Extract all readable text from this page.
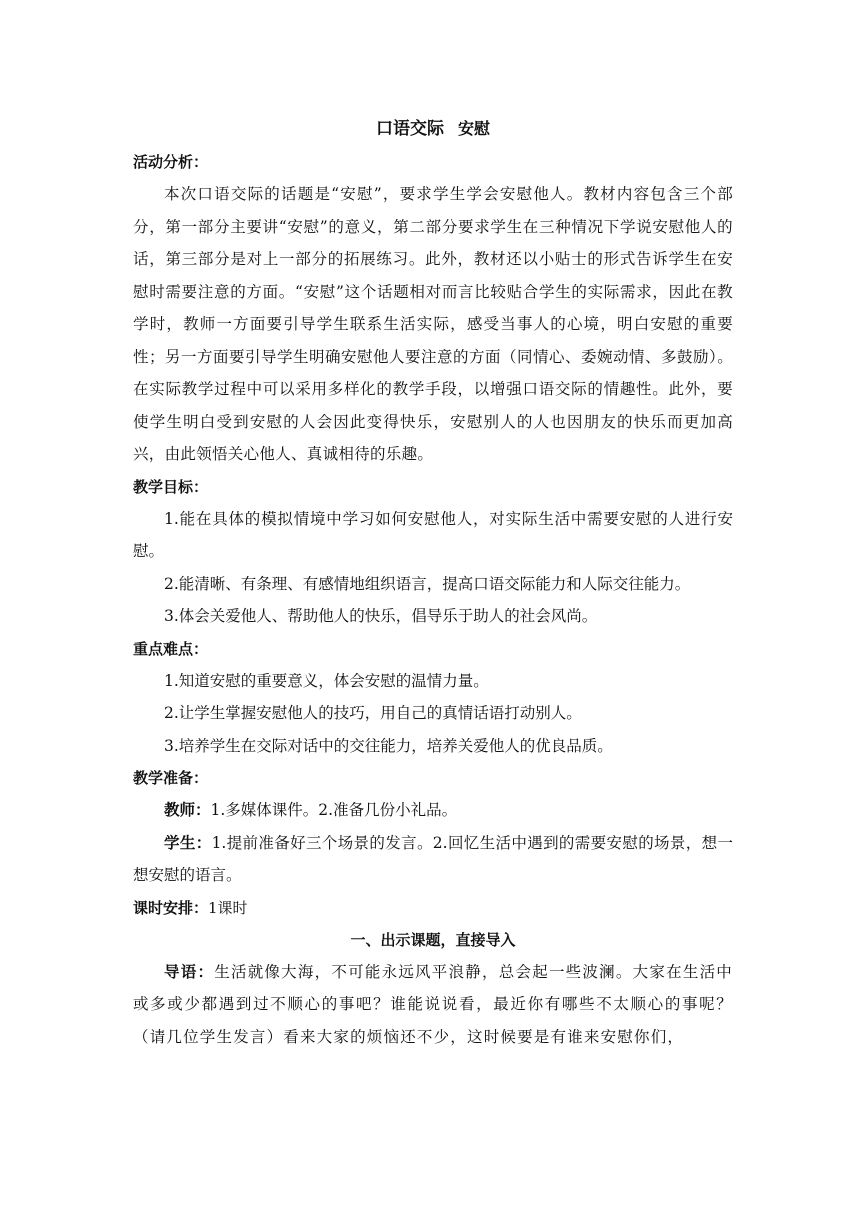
口语交际 安慰

活动分析：

本次口语交际的话题是“安慰”，要求学生学会安慰他人。教材内容包含三个部分，第一部分主要讲“安慰”的意义，第二部分要求学生在三种情况下学说安慰他人的话，第三部分是对上一部分的拓展练习。此外，教材还以小贴士的形式告诉学生在安慰时需要注意的方面。“安慰”这个话题相对而言比较贴合学生的实际需求，因此在教学时，教师一方面要引导学生联系生活实际，感受当事人的心境，明白安慰的重要性；另一方面要引导学生明确安慰他人要注意的方面（同情心、委婉动情、多鼓励）。在实际教学过程中可以采用多样化的教学手段，以增强口语交际的情趣性。此外，要使学生明白受到安慰的人会因此变得快乐，安慰别人的人也因朋友的快乐而更加高兴，由此领悟关心他人、真诚相待的乐趣。

教学目标：

1.能在具体的模拟情境中学习如何安慰他人，对实际生活中需要安慰的人进行安慰。

2.能清晰、有条理、有感情地组织语言，提高口语交际能力和人际交往能力。

3.体会关爱他人、帮助他人的快乐，倡导乐于助人的社会风尚。

重点难点：

1.知道安慰的重要意义，体会安慰的温情力量。

2.让学生掌握安慰他人的技巧，用自己的真情话语打动别人。

3.培养学生在交际对话中的交往能力，培养关爱他人的优良品质。

教学准备：

教师：1.多媒体课件。2.准备几份小礼品。

学生：1.提前准备好三个场景的发言。2.回忆生活中遇到的需要安慰的场景，想一想安慰的语言。

课时安排：1课时

一、出示课题，直接导入

导语：生活就像大海，不可能永远风平浪静，总会起一些波澜。大家在生活中或多或少都遇到过不顺心的事吧？谁能说说看，最近你有哪些不太顺心的事呢？（请几位学生发言）看来大家的烦恼还不少，这时候要是有谁来安慰你们，
